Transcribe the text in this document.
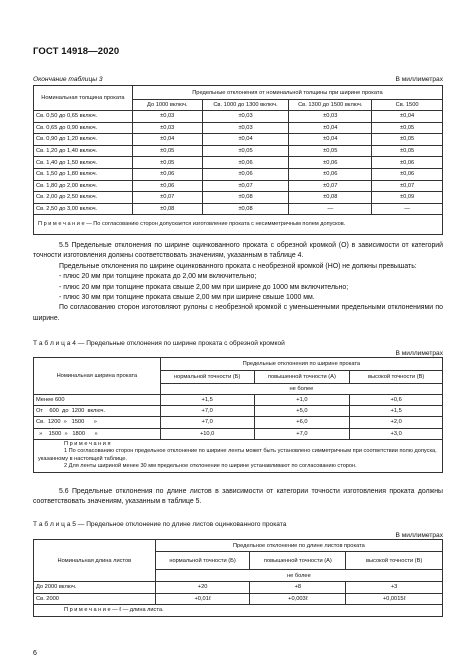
ГОСТ 14918—2020
Окончание таблицы 3	В миллиметрах
Номинальная толщина проката	Предельные отклонения от номинальной толщины при ширине проката			
	До 1000 включ.	Св. 1000 до 1300 включ.	Св. 1300 до 1500 включ.	Св. 1500
Св. 0,50 до 0,65 включ.	±0,03	±0,03	±0,03	±0,04
Св. 0,65 до 0,90 включ.	±0,03	±0,03	±0,04	±0,05
Св. 0,90 до 1,20 включ.	±0,04	±0,04	±0,04	±0,05
Св. 1,20 до 1,40 включ.	±0,05	±0,05	±0,05	±0,05
Св. 1,40 до 1,50 включ.	±0,05	±0,06	±0,06	±0,06
Св. 1,50 до 1,80 включ.	±0,06	±0,06	±0,06	±0,06
Св. 1,80 до 2,00 включ.	±0,06	±0,07	±0,07	±0,07
Св. 2,00 до 2,50 включ.	±0,07	±0,08	±0,08	±0,09
Св. 2,50 до 3,00 включ.	±0,08	±0,08	—	—
П р и м е ч а н и е — По согласованию сторон допускается изготовление проката с несимметричным полем допусков.				

5.5 Предельные отклонения по ширине оцинкованного проката с обрезной кромкой (О) в зависимости от категорий точности изготовления должны соответствовать значениям, указанным в таблице 4.

Предельные отклонения по ширине оцинкованного проката с необрезной кромкой (НО) не должны превышать:

- плюс 20 мм при толщине проката до 2,00 мм включительно;

- плюс 20 мм при толщине проката свыше 2,00 мм при ширине до 1000 мм включительно;

- плюс 30 мм при толщине проката свыше 2,00 мм при ширине свыше 1000 мм.

По согласованию сторон изготовляют рулоны с необрезной кромкой с уменьшенными предельными отклонениями по ширине.

Т а б л и ц а 4 — Предельные отклонения по ширине проката с обрезной кромкой
В миллиметрах
Номинальная ширина проката	Предельные отклонения по ширине проката		
	нормальной точности (Б)	повышенной точности (А)	высокой точности (В)
	не более		
Менее 600	+1,5	+1,0	+0,6
От    600  до  1200  включ.	+7,0	+5,0	+1,5
Св.  1200  »   1500      »	+7,0	+6,0	+2,0
»    1500  »   1800      »	+10,0	+7,0	+3,0

П р и м е ч а н и я
1 По согласованию сторон предельное отклонение по ширине ленты может быть установлено симметричным при соответствии полю допуска, указанному в настоящей таблице.
2 Для ленты шириной менее 30 мм предельное отклонение по ширине устанавливают по согласованию сторон.			

5.6 Предельные отклонения по длине листов в зависимости от категории точности изготовления проката должны соответствовать значениям, указанным в таблице 5.

Т а б л и ц а 5 — Предельное отклонение по длине листов оцинкованного проката
В миллиметрах
Номинальная длина листов	Предельное отклонение по длине листов проката		
	нормальной точности (Б)	повышенной точности (А)	высокой точности (В)
	не более		
До 2000 включ.	+20	+8	+3
Св. 2000	+0,01ℓ	+0,003ℓ	+0,0015ℓ
П р и м е ч а н и е — ℓ — длина листа.			
6
